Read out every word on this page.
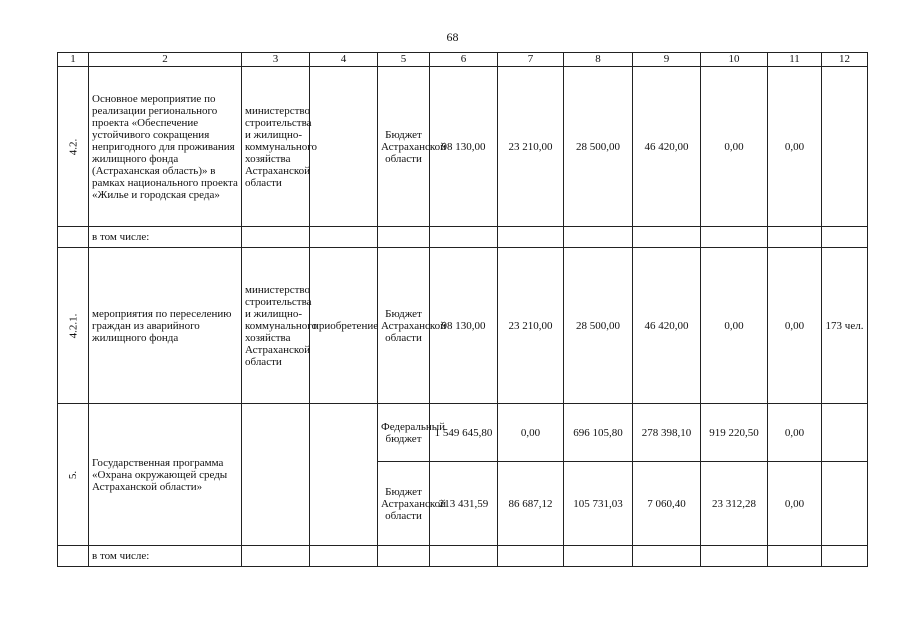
68
1	2	3	4	5	6	7	8	9	10	11	12

4.2.	Основное мероприятие по реализации регионального проекта «Обеспечение устойчивого сокращения непригодного для проживания жилищного фонда (Астраханская область)» в рамках национального проекта «Жилье и городская среда»	министерство строительства и жилищно-коммунального хозяйства Астраханской области		Бюджет Астраханской области	98 130,00	23 210,00	28 500,00	46 420,00	0,00	0,00	
	в том числе:										

4.2.1.	мероприятия по переселению граждан из аварийного жилищного фонда	министерство строительства и жилищно-коммунального хозяйства Астраханской области	приобретение	Бюджет Астраханской области	98 130,00	23 210,00	28 500,00	46 420,00	0,00	0,00	173 чел.

5.	Государственная программа «Охрана окружающей среды Астраханской области»			Федеральный бюджет	1 549 645,80	0,00	696 105,80	278 398,10	919 220,50	0,00	
				Бюджет Астраханской области	213 431,59	86 687,12	105 731,03	7 060,40	23 312,28	0,00	
	в том числе:										
